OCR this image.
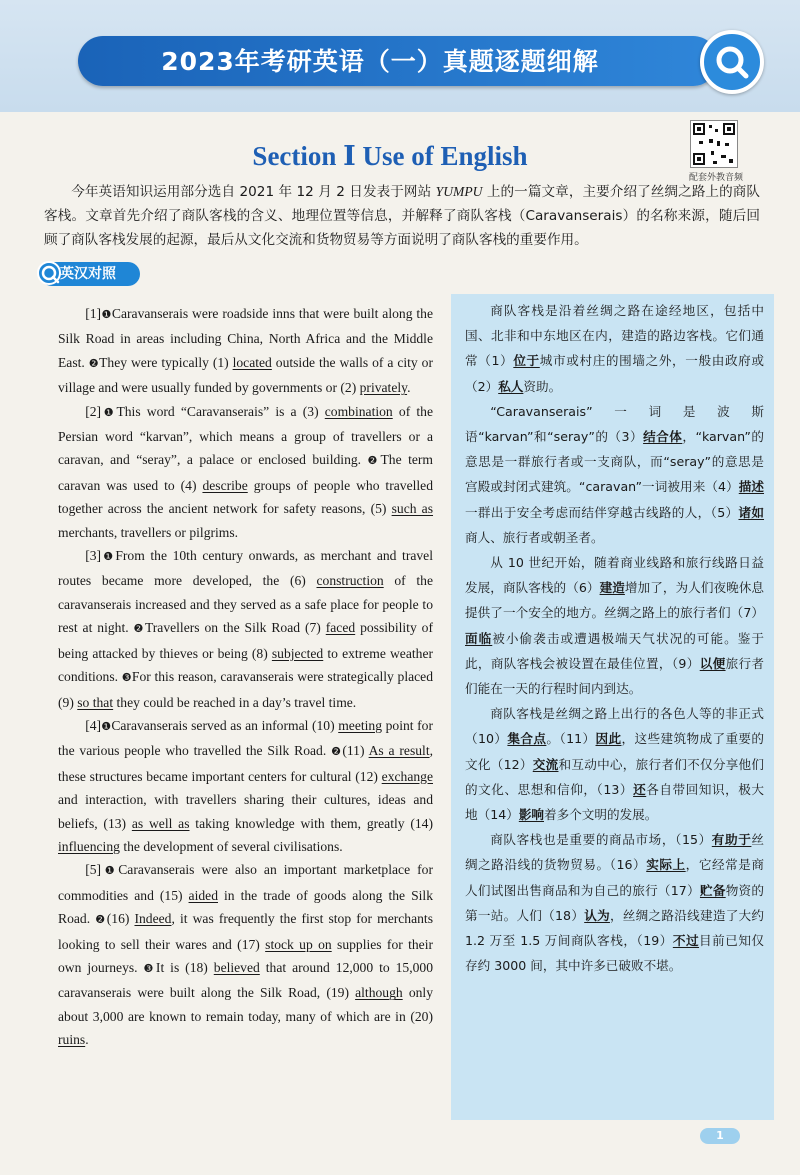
2023年考研英语（一）真题逐题细解
Section Ⅰ Use of English
配套外教音频
今年英语知识运用部分选自 2021 年 12 月 2 日发表于网站 YUMPU 上的一篇文章，主要介绍了丝绸之路上的商队客栈。文章首先介绍了商队客栈的含义、地理位置等信息，并解释了商队客栈（Caravanserais）的名称来源，随后回顾了商队客栈发展的起源，最后从文化交流和货物贸易等方面说明了商队客栈的重要作用。
英汉对照

[1]❶Caravanserais were roadside inns that were built along the Silk Road in areas including China, North Africa and the Middle East. ❷They were typically (1) located outside the walls of a city or village and were usually funded by governments or (2) privately.

[2]❶This word “Caravanserais” is a (3) combination of the Persian word “karvan”, which means a group of travellers or a caravan, and “seray”, a palace or enclosed building. ❷The term caravan was used to (4) describe groups of people who travelled together across the ancient network for safety reasons, (5) such as merchants, travellers or pilgrims.

[3]❶From the 10th century onwards, as merchant and travel routes became more developed, the (6) construction of the caravanserais increased and they served as a safe place for people to rest at night. ❷Travellers on the Silk Road (7) faced possibility of being attacked by thieves or being (8) subjected to extreme weather conditions. ❸For this reason, caravanserais were strategically placed (9) so that they could be reached in a day’s travel time.

[4]❶Caravanserais served as an informal (10) meeting point for the various people who travelled the Silk Road. ❷(11) As a result, these structures became important centers for cultural (12) exchange and interaction, with travellers sharing their cultures, ideas and beliefs, (13) as well as taking knowledge with them, greatly (14) influencing the development of several civilisations.

[5]❶Caravanserais were also an important marketplace for commodities and (15) aided in the trade of goods along the Silk Road. ❷(16) Indeed, it was frequently the first stop for merchants looking to sell their wares and (17) stock up on supplies for their own journeys. ❸It is (18) believed that around 12,000 to 15,000 caravanserais were built along the Silk Road, (19) although only about 3,000 are known to remain today, many of which are in (20) ruins.

商队客栈是沿着丝绸之路在途经地区，包括中国、北非和中东地区在内，建造的路边客栈。它们通常（1）位于城市或村庄的围墙之外，一般由政府或（2）私人资助。

“Caravanserais”一词是波斯语“karvan”和“seray”的（3）结合体，“karvan”的意思是一群旅行者或一支商队，而“seray”的意思是宫殿或封闭式建筑。“caravan”一词被用来（4）描述一群出于安全考虑而结伴穿越古线路的人，（5）诸如商人、旅行者或朝圣者。

从 10 世纪开始，随着商业线路和旅行线路日益发展，商队客栈的（6）建造增加了，为人们夜晚休息提供了一个安全的地方。丝绸之路上的旅行者们（7）面临被小偷袭击或遭遇极端天气状况的可能。鉴于此，商队客栈会被设置在最佳位置，（9）以便旅行者们能在一天的行程时间内到达。

商队客栈是丝绸之路上出行的各色人等的非正式（10）集合点。（11）因此，这些建筑物成了重要的文化（12）交流和互动中心，旅行者们不仅分享他们的文化、思想和信仰，（13）还各自带回知识，极大地（14）影响着多个文明的发展。

商队客栈也是重要的商品市场，（15）有助于丝绸之路沿线的货物贸易。（16）实际上，它经常是商人们试图出售商品和为自己的旅行（17）贮备物资的第一站。人们（18）认为，丝绸之路沿线建造了大约 1.2 万至 1.5 万间商队客栈，（19）不过目前已知仅存约 3000 间，其中许多已破败不堪。

1
